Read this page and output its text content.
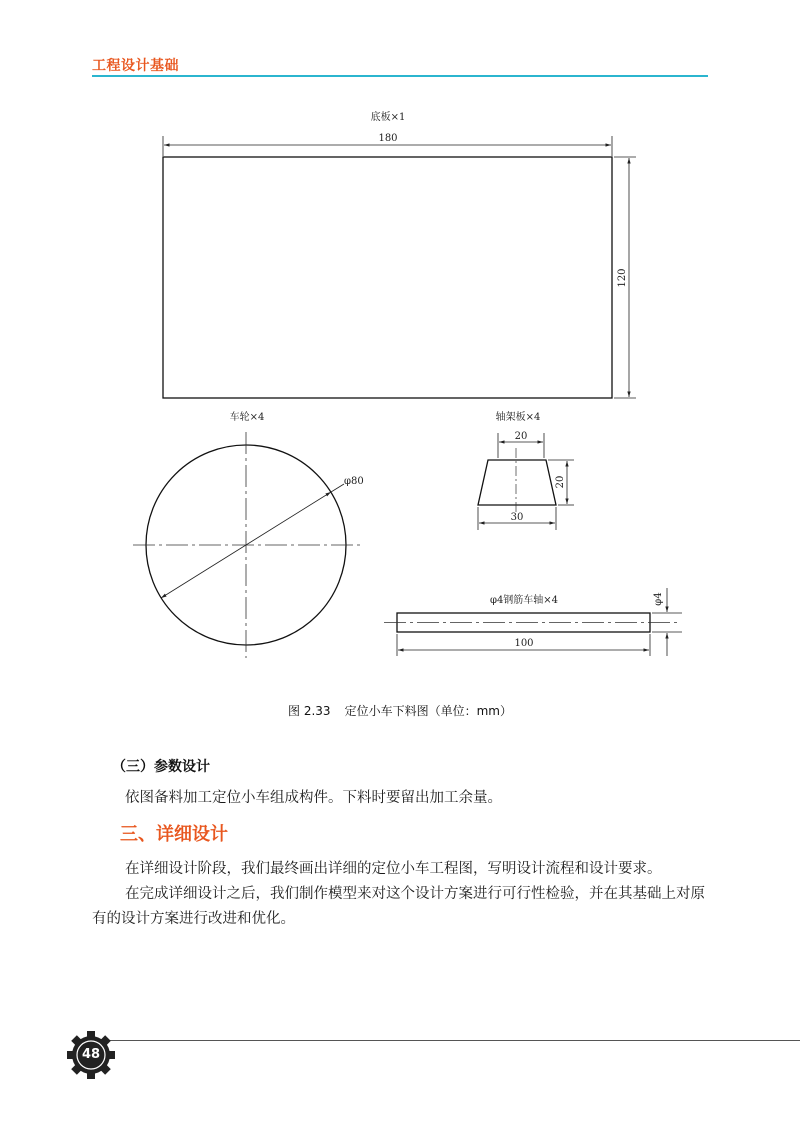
工程设计基础
底板×1
180
120
车轮×4
φ80
轴架板×4
20
20
30
φ4钢筋车轴×4	φ4
100
图 2.33 定位小车下料图（单位：mm）
（三）参数设计

依图备料加工定位小车组成构件。下料时要留出加工余量。

三、详细设计

在详细设计阶段，我们最终画出详细的定位小车工程图，写明设计流程和设计要求。

在完成详细设计之后，我们制作模型来对这个设计方案进行可行性检验，并在其基础上对原有的设计方案进行改进和优化。

48
